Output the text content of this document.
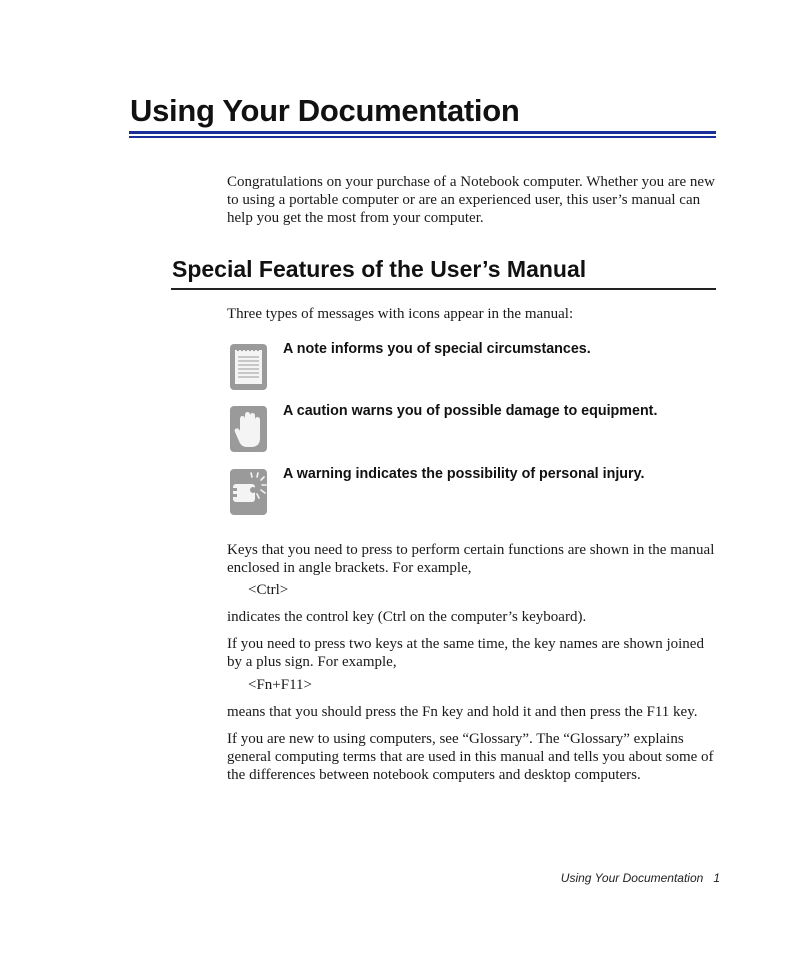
Using Your Documentation
Congratulations on your purchase of a Notebook computer. Whether you are new to using a portable computer or are an experienced user, this user’s manual can help you get the most from your computer.
Special Features of the User’s Manual
Three types of messages with icons appear in the manual:
A note informs you of special circumstances.
A caution warns you of possible damage to equipment.
A warning indicates the possibility of personal injury.
Keys that you need to press to perform certain functions are shown in the manual enclosed in angle brackets. For example,
<Ctrl>
indicates the control key (Ctrl on the computer’s keyboard).
If you need to press two keys at the same time, the key names are shown joined by a plus sign. For example,
<Fn+F11>
means that you should press the Fn key and hold it and then press the F11 key.
If you are new to using computers, see “Glossary”. The “Glossary” explains general computing terms that are used in this manual and tells you about some of the differences between notebook computers and desktop computers.
Using Your Documentation 1
